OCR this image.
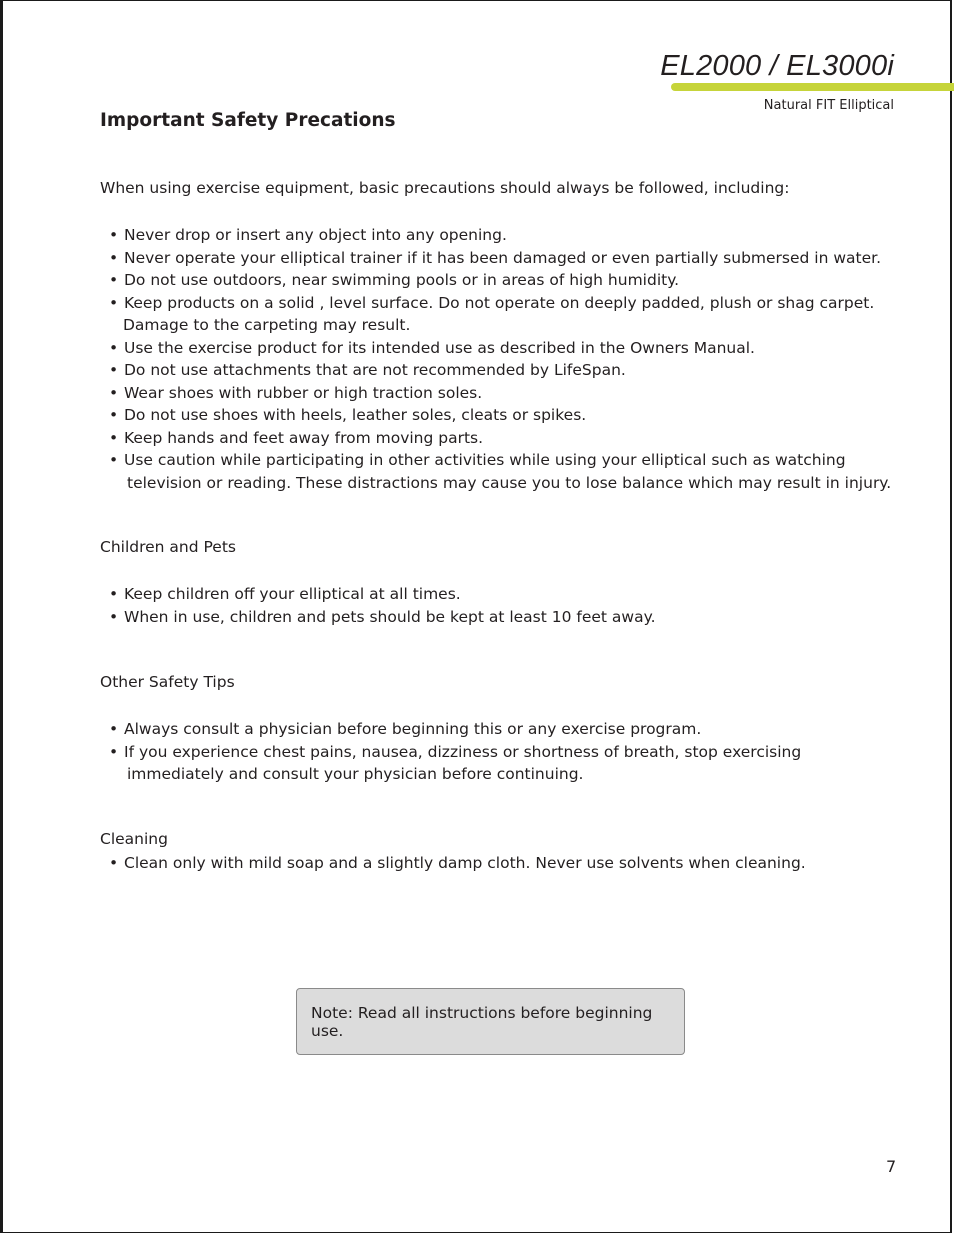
EL2000 / EL3000i
Natural FIT Elliptical
Important Safety Precations
When using exercise equipment, basic precautions should always be followed, including:
• Never drop or insert any object into any opening.
• Never operate your elliptical trainer if it has been damaged or even partially submersed in water.
• Do not use outdoors, near swimming pools or in areas of high humidity.
• Keep products on a solid , level surface. Do not operate on deeply padded, plush or shag carpet.
Damage to the carpeting may result.
• Use the exercise product for its intended use as described in the Owners Manual.
• Do not use attachments that are not recommended by LifeSpan.
• Wear shoes with rubber or high traction soles.
• Do not use shoes with heels, leather soles, cleats or spikes.
• Keep hands and feet away from moving parts.
• Use caution while participating in other activities while using your elliptical such as watching
television or reading. These distractions may cause you to lose balance which may result in injury.
Children and Pets
• Keep children off your elliptical at all times.
• When in use, children and pets should be kept at least 10 feet away.
Other Safety Tips
• Always consult a physician before beginning this or any exercise program.
• If you experience chest pains, nausea, dizziness or shortness of breath, stop exercising
immediately and consult your physician before continuing.
Cleaning
• Clean only with mild soap and a slightly damp cloth. Never use solvents when cleaning.
Note: Read all instructions before beginning use.
7
